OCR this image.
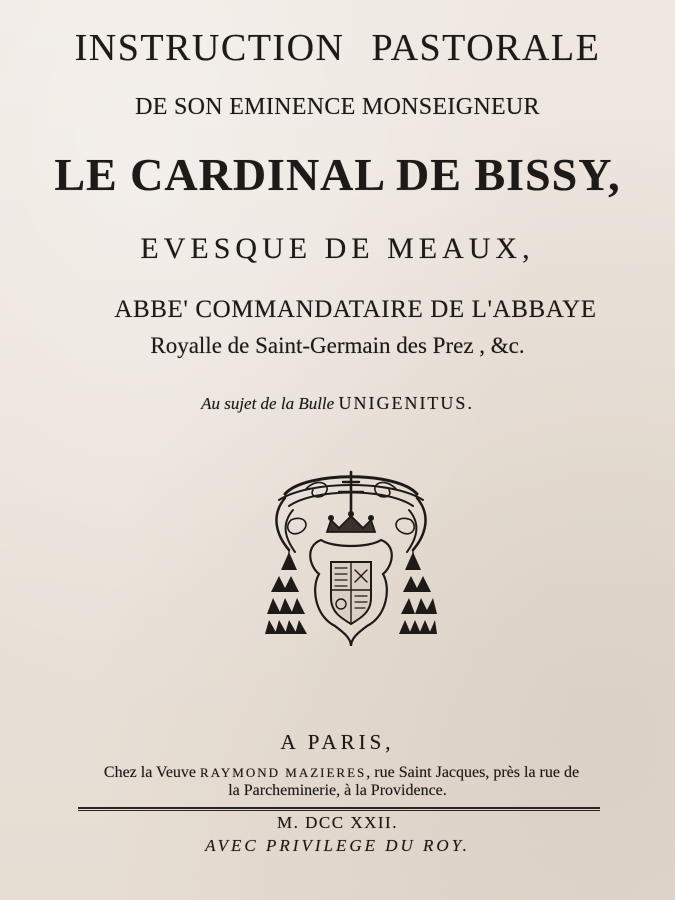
INSTRUCTION PASTORALE
DE SON EMINENCE MONSEIGNEUR
LE CARDINAL DE BISSY,
EVESQUE DE MEAUX,
ABBE' COMMANDATAIRE DE L'ABBAYE
Royalle de Saint-Germain des Prez , &c.
Au sujet de la Bulle UNIGENITUS.
A PARIS,
Chez la Veuve RAYMOND MAZIERES, rue Saint Jacques, près la rue de
la Parcheminerie, à la Providence.
M. DCC XXII.
AVEC PRIVILEGE DU ROY.
